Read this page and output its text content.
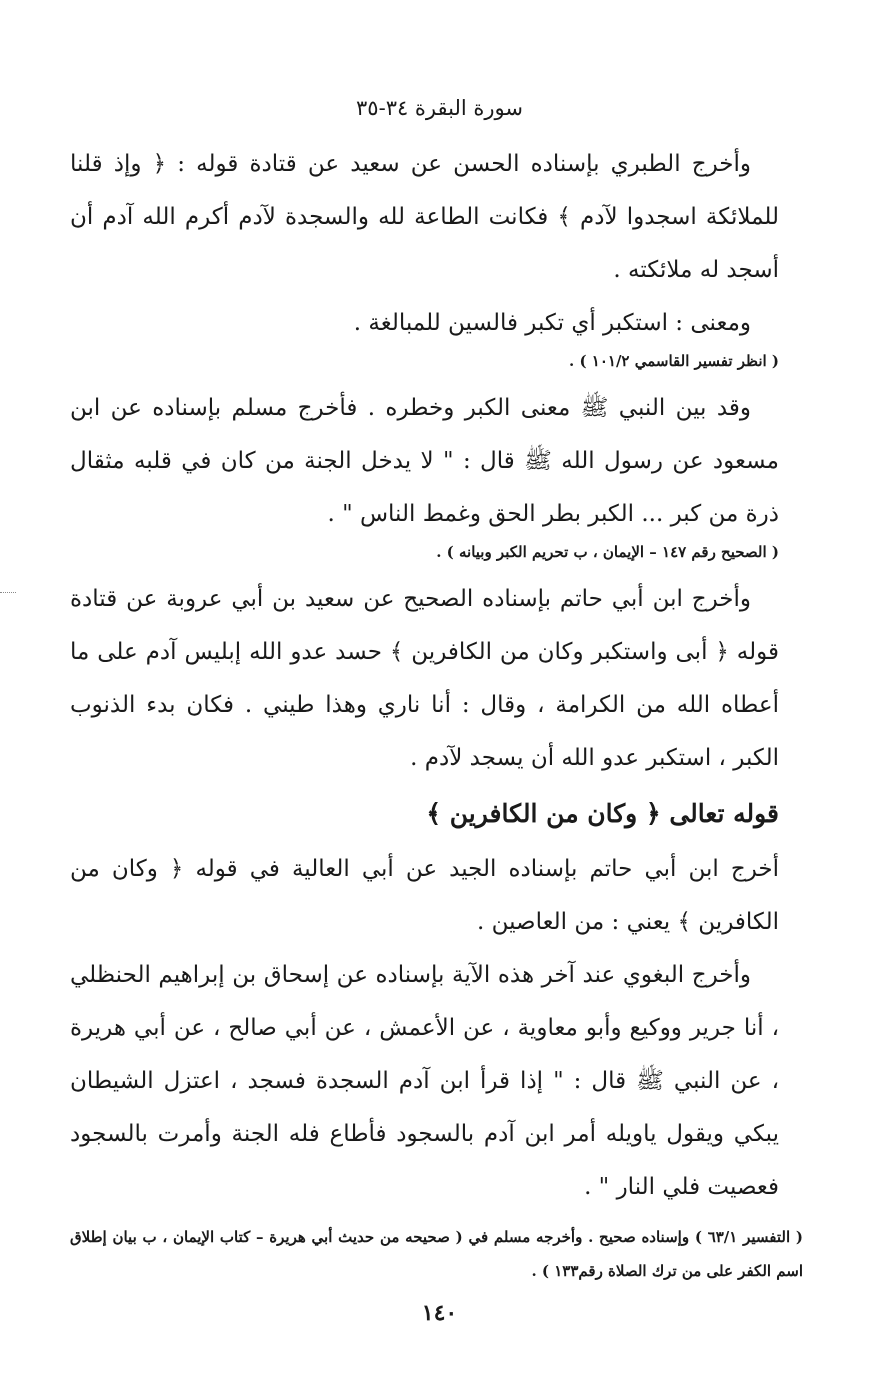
سورة البقرة ٣٤-٣٥

وأخرج الطبري بإسناده الحسن عن سعيد عن قتادة قوله : ﴿ وإذ قلنا للملائكة اسجدوا لآدم ﴾ فكانت الطاعة لله والسجدة لآدم أكرم الله آدم أن أسجد له ملائكته .

ومعنى : استكبر أي تكبر فالسين للمبالغة .

( انظر تفسير القاسمي ١٠١/٢ ) .

وقد بين النبي ﷺ معنى الكبر وخطره . فأخرج مسلم بإسناده عن ابن مسعود عن رسول الله ﷺ قال : " لا يدخل الجنة من كان في قلبه مثقال ذرة من كبر ... الكبر بطر الحق وغمط الناس " .

( الصحيح رقم ١٤٧ – الإيمان ، ب تحريم الكبر وبيانه ) .

وأخرج ابن أبي حاتم بإسناده الصحيح عن سعيد بن أبي عروبة عن قتادة قوله ﴿ أبى واستكبر وكان من الكافرين ﴾ حسد عدو الله إبليس آدم على ما أعطاه الله من الكرامة ، وقال : أنا ناري وهذا طيني . فكان بدء الذنوب الكبر ، استكبر عدو الله أن يسجد لآدم .

قوله تعالى ﴿ وكان من الكافرين ﴾

أخرج ابن أبي حاتم بإسناده الجيد عن أبي العالية في قوله ﴿ وكان من الكافرين ﴾ يعني : من العاصين .

وأخرج البغوي عند آخر هذه الآية بإسناده عن إسحاق بن إبراهيم الحنظلي ، أنا جرير ووكيع وأبو معاوية ، عن الأعمش ، عن أبي صالح ، عن أبي هريرة ، عن النبي ﷺ قال : " إذا قرأ ابن آدم السجدة فسجد ، اعتزل الشيطان يبكي ويقول ياويله أمر ابن آدم بالسجود فأطاع فله الجنة وأمرت بالسجود فعصيت فلي النار " .

( التفسير ٦٣/١ ) وإسناده صحيح . وأخرجه مسلم في ( صحيحه من حديث أبي هريرة – كتاب الإيمان ، ب بيان إطلاق اسم الكفر على من ترك الصلاة رقم١٣٣ ) .

١٤٠
